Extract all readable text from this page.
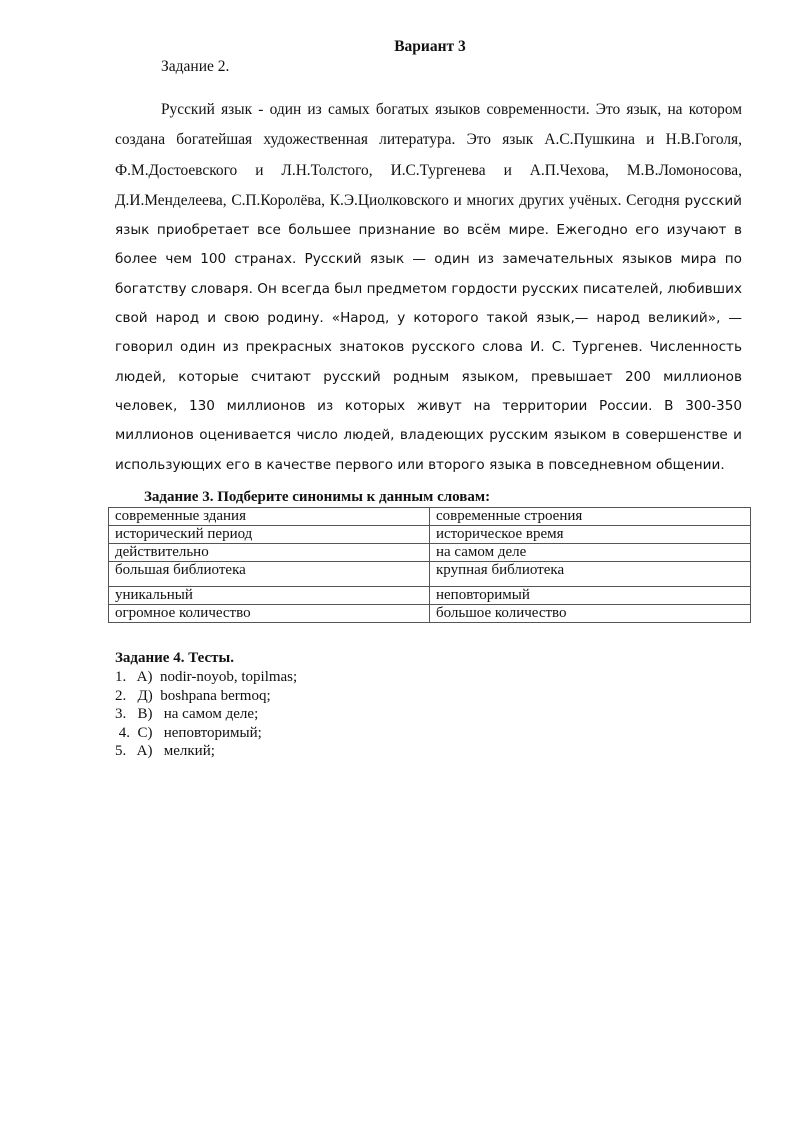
Вариант 3
Задание 2.
Русский язык - один из самых богатых языков современности. Это язык, на котором создана богатейшая художественная литература. Это язык А.С.Пушкина и Н.В.Гоголя, Ф.М.Достоевского и Л.Н.Толстого, И.С.Тургенева и А.П.Чехова, М.В.Ломоносова, Д.И.Менделеева, С.П.Королёва, К.Э.Циолковского и многих других учёных. Сегодня русский язык приобретает все большее признание во всём мире. Ежегодно его изучают в более чем 100 странах. Русский язык — один из замечательных языков мира по богатству словаря. Он всегда был предметом гордости русских писателей, любивших свой народ и свою родину. «Народ, у которого такой язык,— народ великий», — говорил один из прекрасных знатоков русского слова И. С. Тургенев. Численность людей, которые считают русский родным языком, превышает 200 миллионов человек, 130 миллионов из которых живут на территории России. В 300-350 миллионов оценивается число людей, владеющих русским языком в совершенстве и использующих его в качестве первого или второго языка в повседневном общении.
Задание 3. Подберите синонимы к данным словам:
современные здания	современные строения
исторический период	историческое время
действительно	на самом деле
большая библиотека	крупная библиотека
уникальный	неповторимый
огромное количество	большое количество
Задание 4. Тесты.
1.   A)  nodir-noyob, topilmas;
2.   Д)  boshpana bermoq;
3.   B)   на самом деле;
4.  C)   неповторимый;
5.   A)   мелкий;
